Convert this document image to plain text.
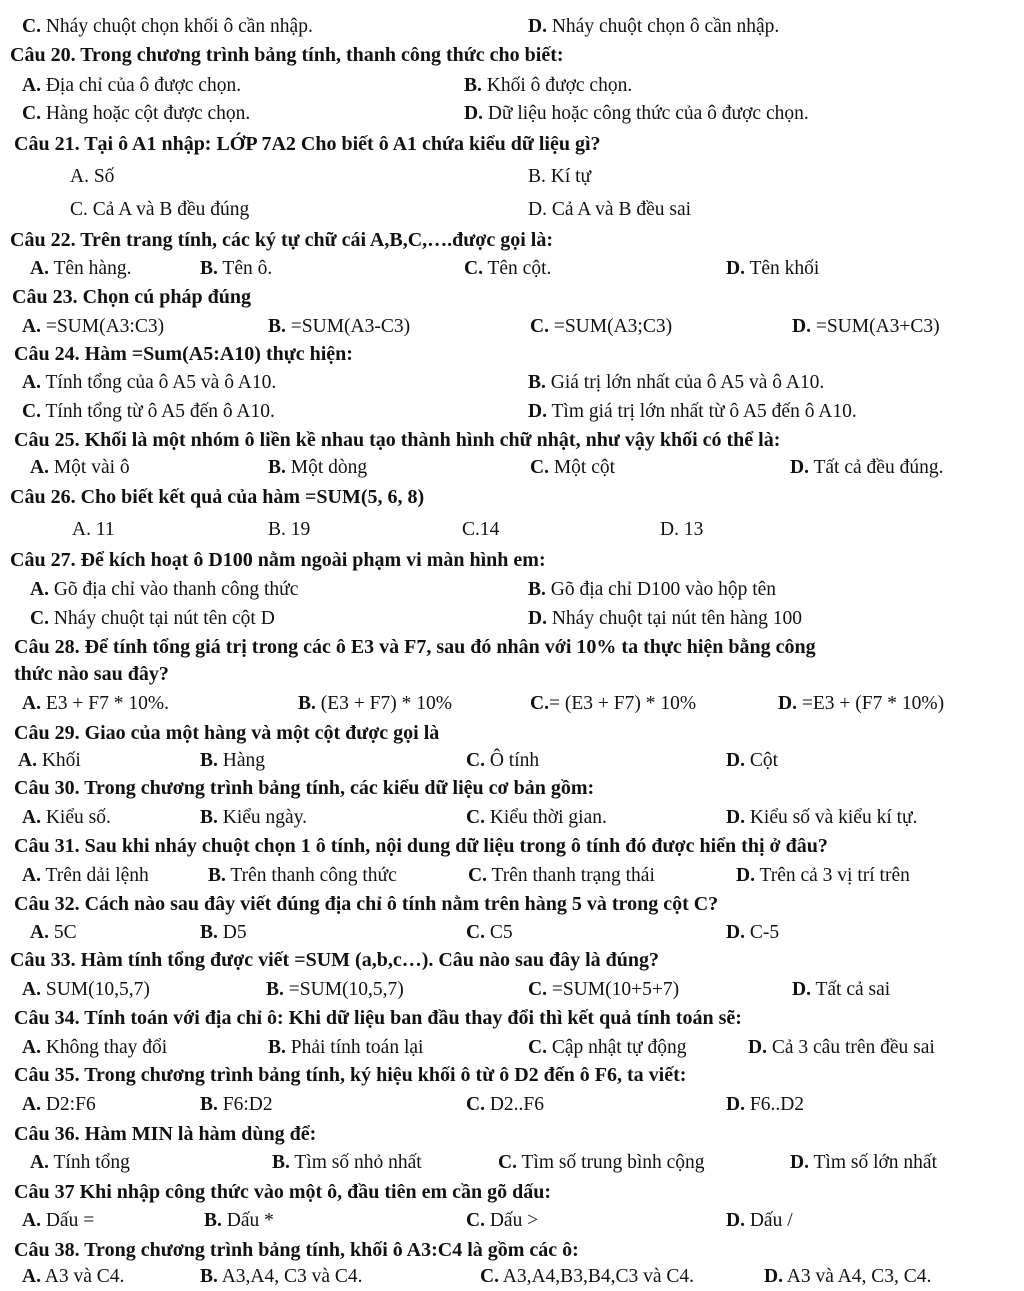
C. Nháy chuột chọn khối ô cần nhập.	D. Nháy chuột chọn ô cần nhập.
Câu 20. Trong chương trình bảng tính, thanh công thức cho biết:
A. Địa chỉ của ô được chọn.	B. Khối ô được chọn.
C. Hàng hoặc cột được chọn.	D. Dữ liệu hoặc công thức của ô được chọn.
Câu 21. Tại ô A1 nhập: LỚP 7A2 Cho biết ô A1 chứa kiểu dữ liệu gì?
A. Số	B. Kí tự
C. Cả A và B đều đúng	D. Cả A và B đều sai
Câu 22. Trên trang tính, các ký tự chữ cái A,B,C,….được gọi là:
A. Tên hàng.	B. Tên ô.	C. Tên cột.	D. Tên khối
Câu 23. Chọn cú pháp đúng
A. =SUM(A3:C3)	B. =SUM(A3-C3)	C. =SUM(A3;C3)	D. =SUM(A3+C3)
Câu 24. Hàm =Sum(A5:A10) thực hiện:
A. Tính tổng của ô A5 và ô A10.	B. Giá trị lớn nhất của ô A5 và ô A10.
C. Tính tổng từ ô A5 đến ô A10.	D. Tìm giá trị lớn nhất từ ô A5 đến ô A10.
Câu 25. Khối là một nhóm ô liền kề nhau tạo thành hình chữ nhật, như vậy khối có thể là:
A. Một vài ô	B. Một dòng	C. Một cột	D. Tất cả đều đúng.
Câu 26. Cho biết kết quả của hàm =SUM(5, 6, 8)
A. 11	B. 19	C.14	D. 13
Câu 27. Để kích hoạt ô D100 nằm ngoài phạm vi màn hình em:
A. Gõ địa chỉ vào thanh công thức	B. Gõ địa chỉ D100 vào hộp tên
C. Nháy chuột tại nút tên cột D	D. Nháy chuột tại nút tên hàng 100
Câu 28. Để tính tổng giá trị trong các ô E3 và F7, sau đó nhân với 10% ta thực hiện bằng công
thức nào sau đây?
A. E3 + F7 * 10%.	B. (E3 + F7) * 10%	C.= (E3 + F7) * 10%	D. =E3 + (F7 * 10%)
Câu 29. Giao của một hàng và một cột được gọi là
A. Khối	B. Hàng	C. Ô tính	D. Cột
Câu 30. Trong chương trình bảng tính, các kiểu dữ liệu cơ bản gồm:
A. Kiểu số.	B. Kiểu ngày.	C. Kiểu thời gian.	D. Kiểu số và kiểu kí tự.
Câu 31. Sau khi nháy chuột chọn 1 ô tính, nội dung dữ liệu trong ô tính đó được hiển thị ở đâu?
A. Trên dải lệnh	B. Trên thanh công thức	C. Trên thanh trạng thái	D. Trên cả 3 vị trí trên
Câu 32. Cách nào sau đây viết đúng địa chỉ ô tính nằm trên hàng 5 và trong cột C?
A. 5C	B. D5	C. C5	D. C-5
Câu 33. Hàm tính tổng được viết =SUM (a,b,c…). Câu nào sau đây là đúng?
A. SUM(10,5,7)	B. =SUM(10,5,7)	C. =SUM(10+5+7)	D. Tất cả sai
Câu 34. Tính toán với địa chỉ ô: Khi dữ liệu ban đầu thay đổi thì kết quả tính toán sẽ:
A. Không thay đổi	B. Phải tính toán lại	C. Cập nhật tự động	D. Cả 3 câu trên đều sai
Câu 35. Trong chương trình bảng tính, ký hiệu khối ô từ ô D2 đến ô F6, ta viết:
A. D2:F6	B. F6:D2	C. D2..F6	D. F6..D2
Câu 36. Hàm MIN là hàm dùng để:
A. Tính tổng	B. Tìm số nhỏ nhất	C. Tìm số trung bình cộng	D. Tìm số lớn nhất
Câu 37 Khi nhập công thức vào một ô, đầu tiên em cần gõ dấu:
A. Dấu =	B. Dấu *	C. Dấu >	D. Dấu /
Câu 38. Trong chương trình bảng tính, khối ô A3:C4 là gồm các ô:
A. A3 và C4.	B. A3,A4, C3 và C4.	C. A3,A4,B3,B4,C3 và C4.	D. A3 và A4, C3, C4.
